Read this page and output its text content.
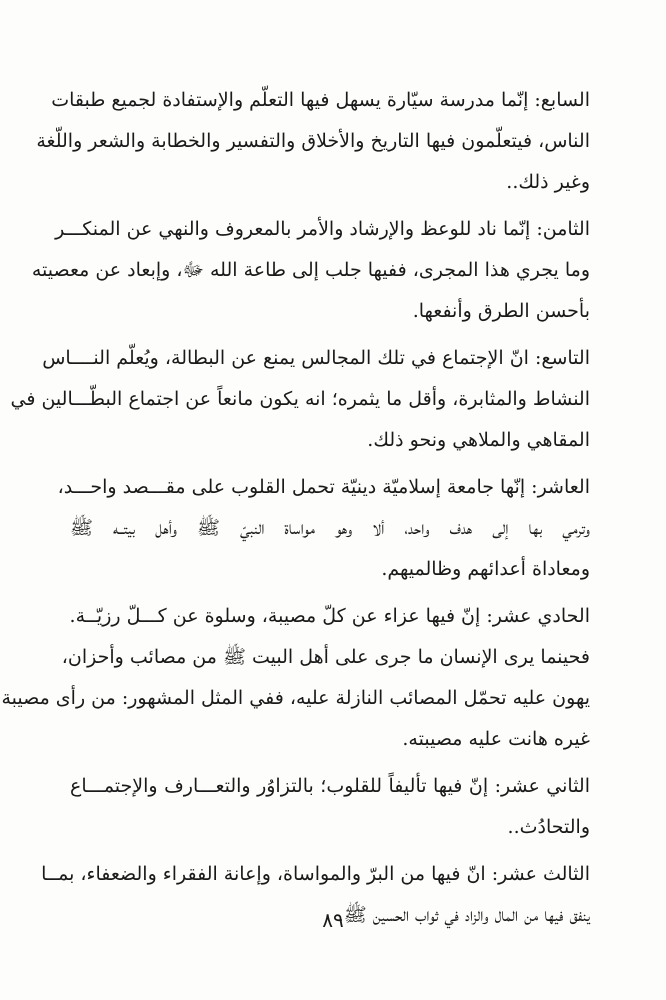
السابع: إنّما مدرسة سيّارة يسهل فيها التعلّم والإستفادة لجميع طبقات
الناس، فيتعلّمون فيها التاريخ والأخلاق والتفسير والخطابة والشعر واللّغة
وغير ذلك..
الثامن: إنّما ناد للوعظ والإرشاد والأمر بالمعروف والنهي عن المنكـــر
وما يجري هذا المجرى، ففيها جلب إلى طاعة الله ﷻ، وإبعاد عن معصيته
بأحسن الطرق وأنفعها.
التاسع: انّ الإجتماع في تلك المجالس يمنع عن البطالة، ويُعلّم النــــاس
النشاط والمثابرة، وأقل ما يثمره؛ انه يكون مانعاً عن اجتماع البطّـــالين في
المقاهي والملاهي ونحو ذلك.
العاشر: إنّها جامعة إسلاميّة دينيّة تحمل القلوب على مقـــصد واحـــد،
وترمي بها إلى هدف واحد، ألا وهو مواساة النبيّ ﷺ وأهل بيتــه ﷺ
ومعاداة أعدائهم وظالميهم.
الحادي عشر: إنّ فيها عزاء عن كلّ مصيبة، وسلوة عن كـــلّ رزيّــة.
فحينما يرى الإنسان ما جرى على أهل البيت ﷺ من مصائب وأحزان،
يهون عليه تحمّل المصائب النازلة عليه، ففي المثل المشهور: من رأى مصيبة
غيره هانت عليه مصيبته.
الثاني عشر: إنّ فيها تأليفاً للقلوب؛ بالتزاوُر والتعـــارف والإجتمـــاع
والتحادُث..
الثالث عشر: انّ فيها من البرّ والمواساة، وإعانة الفقراء والضعفاء، بمــا
ينفق فيها من المال والزاد في ثواب الحسين ﷺ.
٨٩
